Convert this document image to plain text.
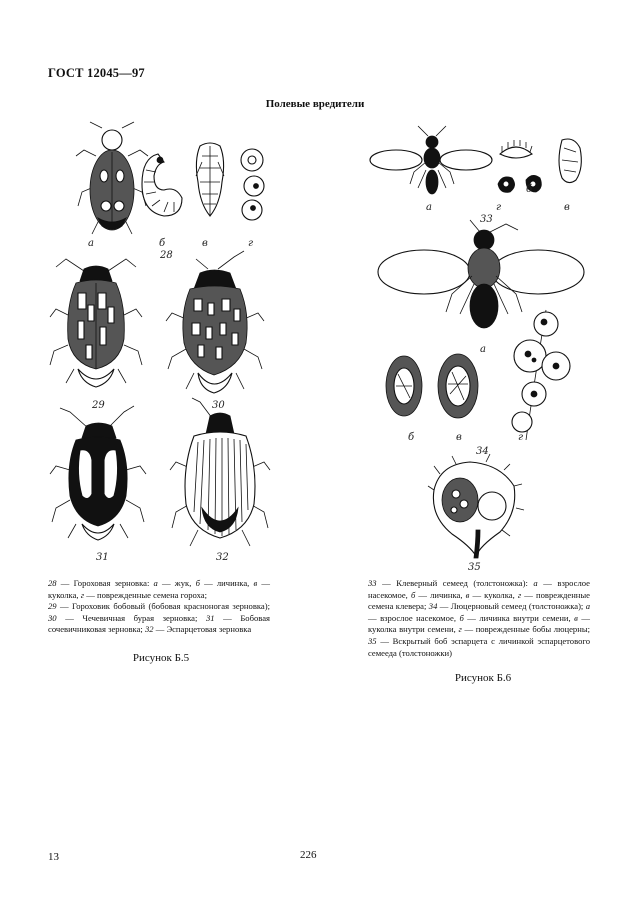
ГОСТ 12045—97
Полевые вредители
а	б	в	г
28
29	30
31	32
28 — Гороховая зерновка: а — жук, б — личинка, в — куколка, г — поврежденные семена гороха;
29 — Гороховик бобовый (бобовая красноногая зерновка); 30 — Чечевичная бурая зерновка; 31 — Бобовая сочевичниковая зерновка; 32 — Эспарцетовая зерновка
Рисунок Б.5
а	г
б
в
33
а
б	в	г
34
35
33 — Клеверный семеед (толстоножка): а — взрослое насекомое, б — личинка, в — куколка, г — поврежденные семена клевера; 34 — Люцерновый семеед (толстоножка); а — взрослое насекомое, б — личинка внутри семени, в — куколка внутри семени, г — поврежденные бобы люцерны; 35 — Вскрытый боб эспарцета с личинкой эспарцетового семееда (толстоножки)
Рисунок Б.6
13	226
